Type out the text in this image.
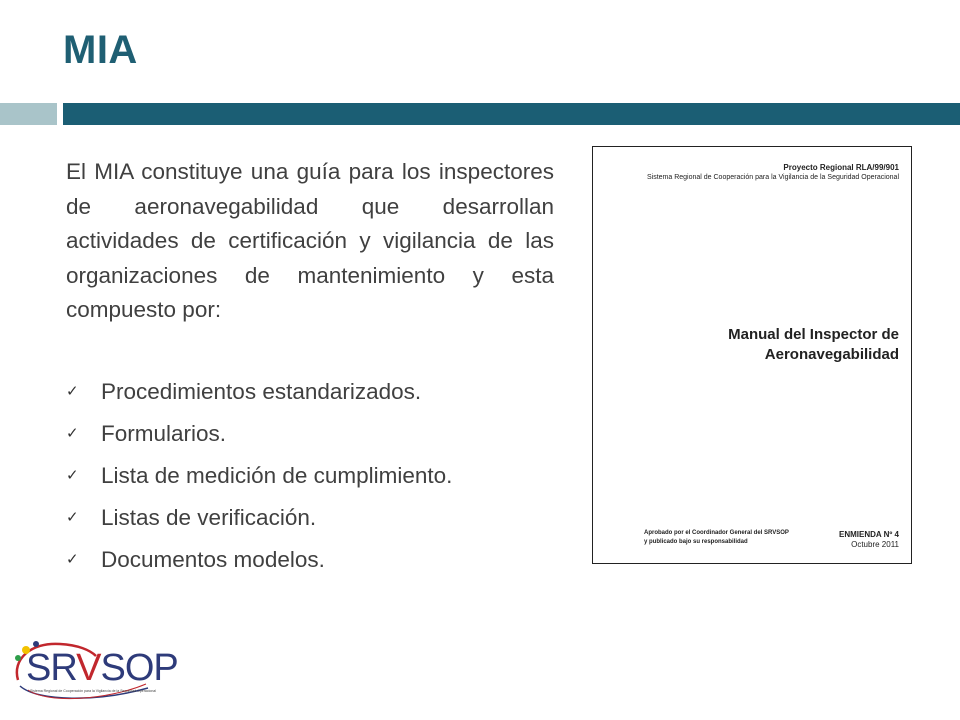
MIA

El MIA constituye una guía para los inspectores de aeronavegabilidad que desarrollan actividades de certificación y vigilancia de las organizaciones de mantenimiento y esta compuesto por:

✓ Procedimientos estandarizados.
✓ Formularios.
✓ Lista de medición de cumplimiento.
✓ Listas de verificación.
✓ Documentos modelos.
Proyecto Regional RLA/99/901
Sistema Regional de Cooperación para la Vigilancia de la Seguridad Operacional
Manual del Inspector de
Aeronavegabilidad
Aprobado por el Coordinador General del SRVSOP
y publicado bajo su responsabilidad
ENMIENDA Nº 4
Octubre 2011
SRVSOP
Sistema Regional de Cooperación para la Vigilancia de la Seguridad Operacional
